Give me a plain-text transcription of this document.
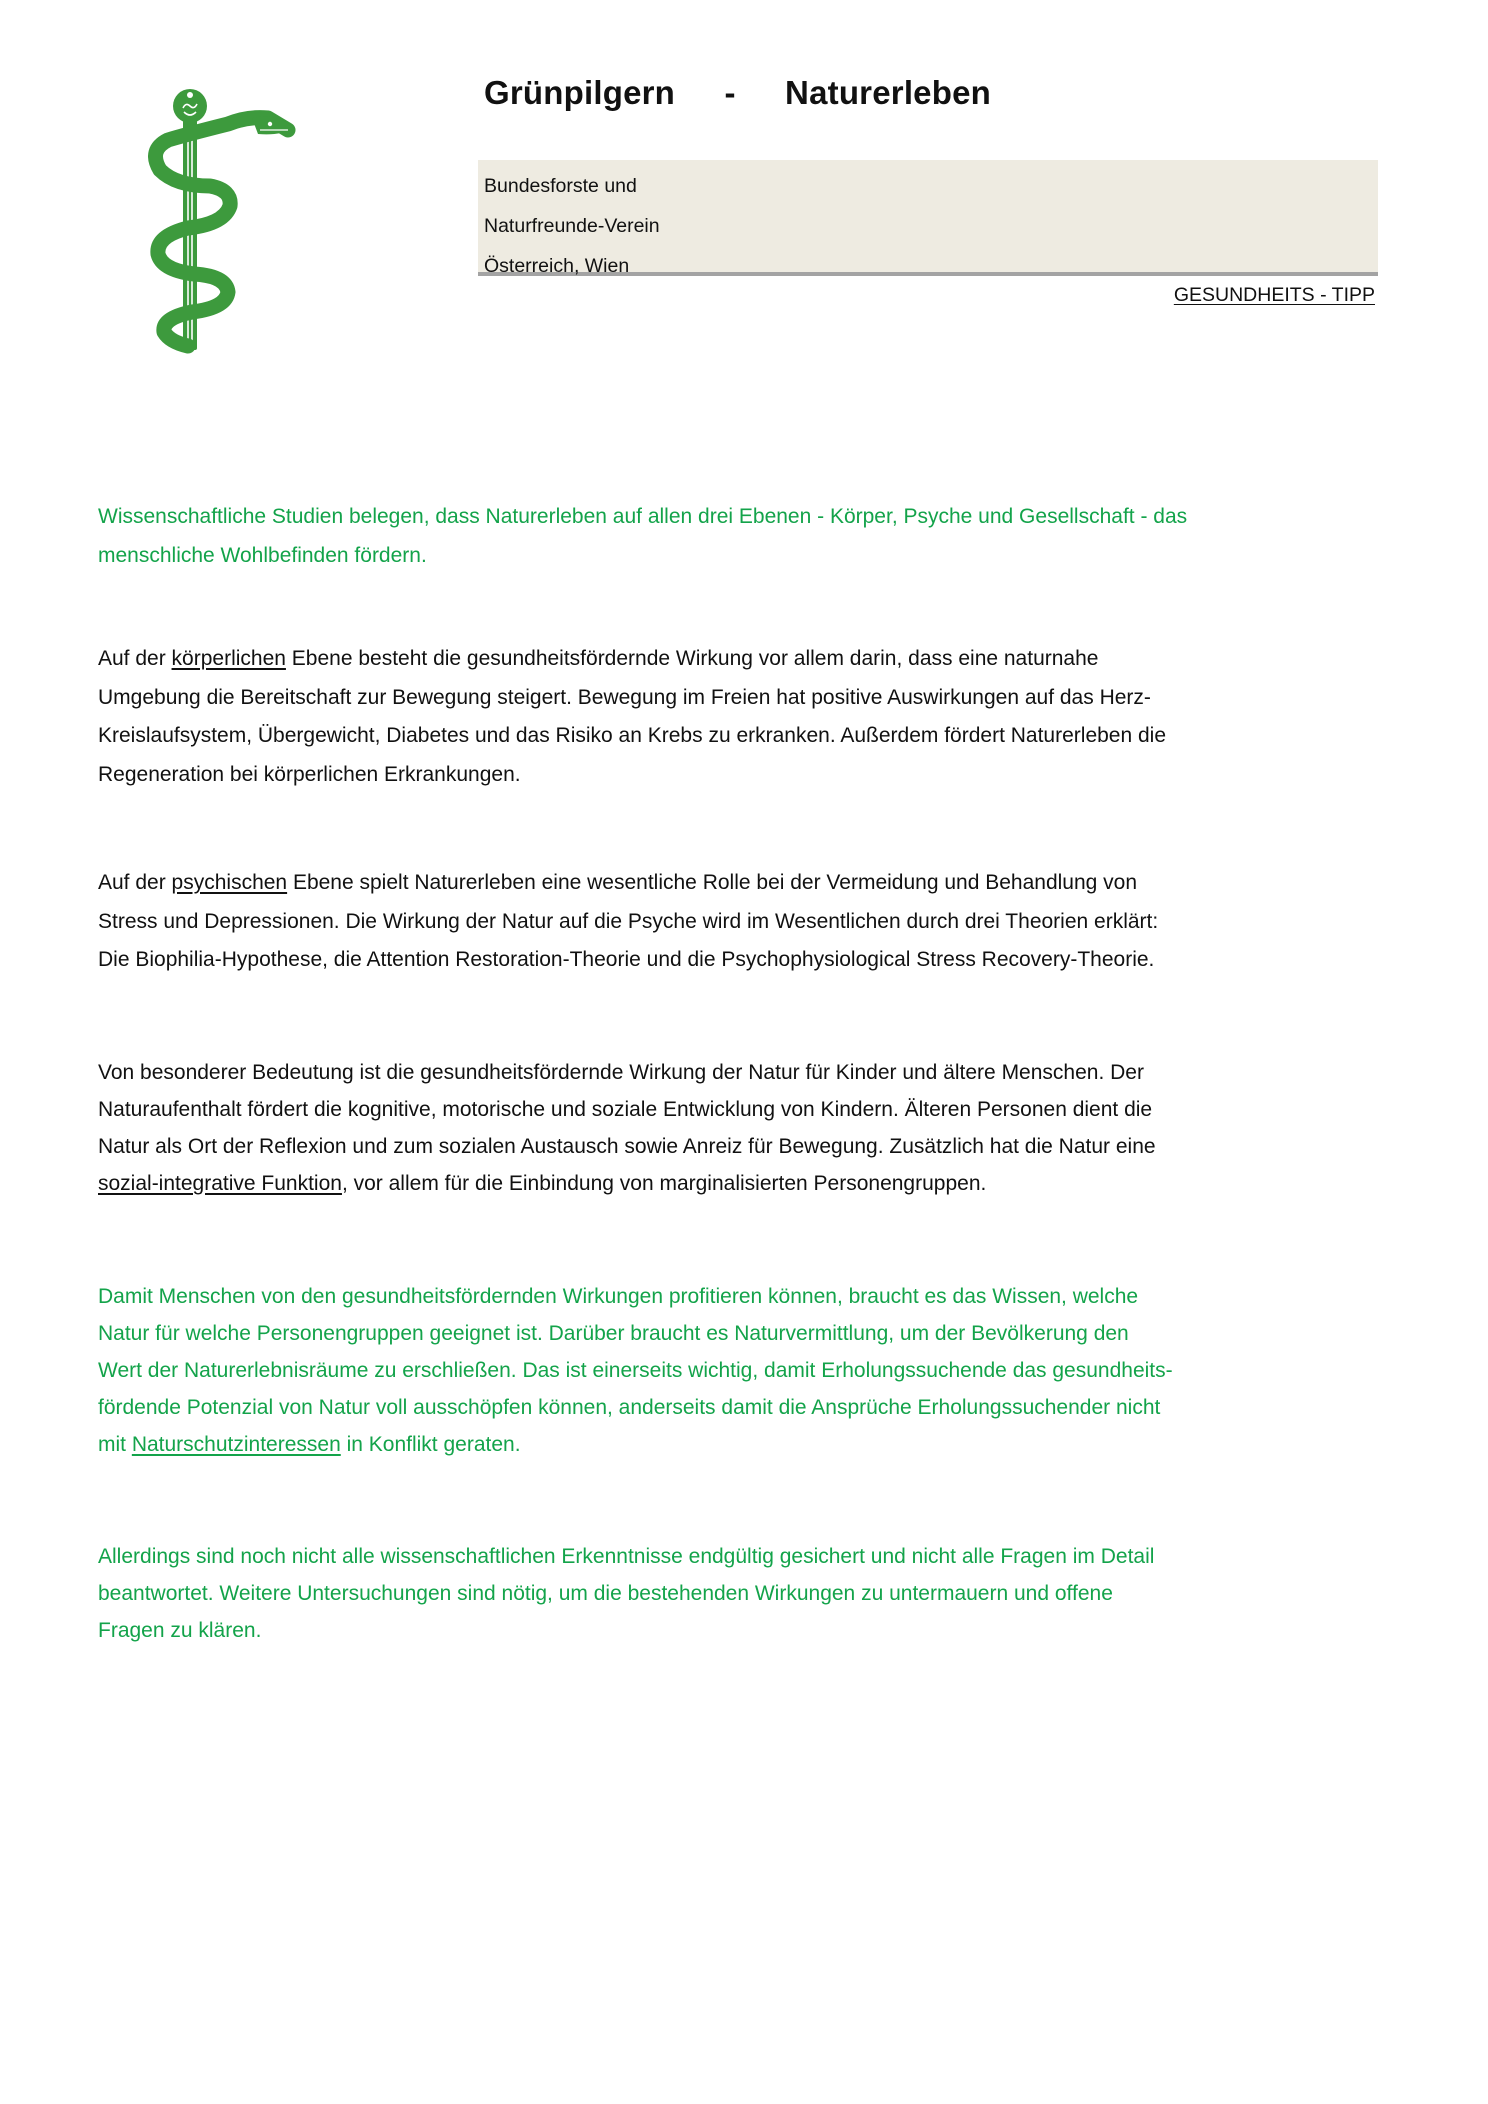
Grünpilgern - Naturerleben
Bundesforste und
Naturfreunde-Verein
Österreich, Wien
GESUNDHEITS - TIPP
Wissenschaftliche Studien belegen, dass Naturerleben auf allen drei Ebenen - Körper, Psyche und Gesellschaft - das
menschliche Wohlbefinden fördern.
Auf der körperlichen Ebene besteht die gesundheitsfördernde Wirkung vor allem darin, dass eine naturnahe
Umgebung die Bereitschaft zur Bewegung steigert. Bewegung im Freien hat positive Auswirkungen auf das Herz-
Kreislaufsystem, Übergewicht, Diabetes und das Risiko an Krebs zu erkranken. Außerdem fördert Naturerleben die
Regeneration bei körperlichen Erkrankungen.
Auf der psychischen Ebene spielt Naturerleben eine wesentliche Rolle bei der Vermeidung und Behandlung von
Stress und Depressionen. Die Wirkung der Natur auf die Psyche wird im Wesentlichen durch drei Theorien erklärt:
Die Biophilia-Hypothese, die Attention Restoration-Theorie und die Psychophysiological Stress Recovery-Theorie.
Von besonderer Bedeutung ist die gesundheitsfördernde Wirkung der Natur für Kinder und ältere Menschen. Der
Naturaufenthalt fördert die kognitive, motorische und soziale Entwicklung von Kindern. Älteren Personen dient die
Natur als Ort der Reflexion und zum sozialen Austausch sowie Anreiz für Bewegung. Zusätzlich hat die Natur eine
sozial-integrative Funktion, vor allem für die Einbindung von marginalisierten Personengruppen.
Damit Menschen von den gesundheitsfördernden Wirkungen profitieren können, braucht es das Wissen, welche
Natur für welche Personengruppen geeignet ist. Darüber braucht es Naturvermittlung, um der Bevölkerung den
Wert der Naturerlebnisräume zu erschließen. Das ist einerseits wichtig, damit Erholungssuchende das gesundheits-
fördende Potenzial von Natur voll ausschöpfen können, anderseits damit die Ansprüche Erholungssuchender nicht
mit Naturschutzinteressen in Konflikt geraten.
Allerdings sind noch nicht alle wissenschaftlichen Erkenntnisse endgültig gesichert und nicht alle Fragen im Detail
beantwortet. Weitere Untersuchungen sind nötig, um die bestehenden Wirkungen zu untermauern und offene
Fragen zu klären.
